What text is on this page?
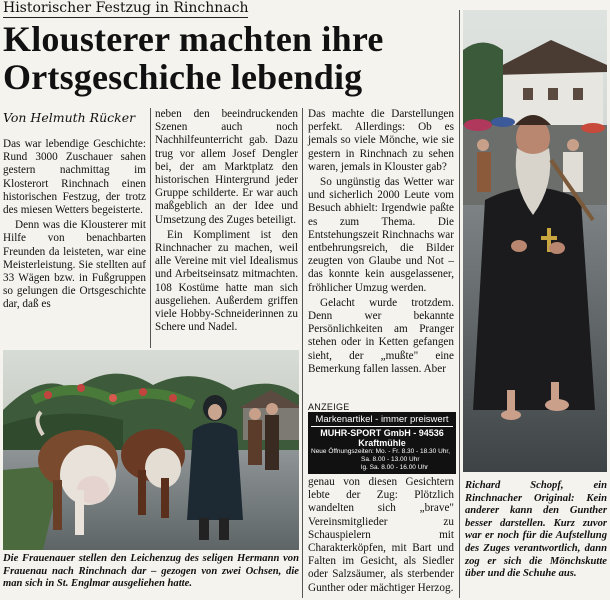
Historischer Festzug in Rinchnach
Klousterer machten ihre
Ortsgeschiche lebendig
Von Helmuth Rücker

Das war lebendige Geschichte: Rund 3000 Zuschauer sahen gestern nachmittag im Klosterort Rinchnach einen historischen Festzug, der trotz des miesen Wetters begeisterte.

Denn was die Klousterer mit Hilfe von benachbarten Freunden da leisteten, war eine Meisterleistung. Sie stellten auf 33 Wägen bzw. in Fußgruppen so gelungen die Ortsgeschichte dar, daß es

neben den beeindruckenden Szenen auch noch Nachhilfeunterricht gab. Dazu trug vor allem Josef Dengler bei, der am Marktplatz den historischen Hintergrund jeder Gruppe schilderte. Er war auch maßgeblich an der Idee und Umsetzung des Zuges beteiligt.

Ein Kompliment ist den Rinchnacher zu machen, weil alle Vereine mit viel Idealismus und Arbeitseinsatz mitmachten. 108 Kostüme hatte man sich ausgeliehen. Außerdem griffen viele Hobby-Schneiderinnen zu Schere und Nadel.

Das machte die Darstellungen perfekt. Allerdings: Ob es jemals so viele Mönche, wie sie gestern in Rinchnach zu sehen waren, jemals in Klouster gab?

So ungünstig das Wetter war und sicherlich 2000 Leute vom Besuch abhielt: Irgendwie paßte es zum Thema. Die Entstehungszeit Rinchnachs war entbehrungsreich, die Bilder zeugten von Glaube und Not – das konnte kein ausgelassener, fröhlicher Umzug werden.

Gelacht wurde trotzdem. Denn wer bekannte Persönlichkeiten am Pranger stehen oder in Ketten gefangen sieht, der „mußte" eine Bemerkung fallen lassen. Aber

ANZEIGE
Markenartikel - immer preiswert
MUHR-SPORT GmbH - 94536 Kraftmühle
Neue Öffnungszeiten: Mo. - Fr. 8.30 - 18.30 Uhr,
Sa. 8.00 - 13.00 Uhr
lg. Sa. 8.00 - 16.00 Uhr

genau von diesen Gesichtern lebte der Zug: Plötzlich wandelten sich „brave" Vereinsmitglieder zu Schauspielern mit Charakterköpfen, mit Bart und Falten im Gesicht, als Siedler oder Salzsäumer, als sterbender Gunther oder mächtiger Herzog.

Die Frauenauer stellen den Leichenzug des seligen Hermann von Frauenau nach Rinchnach dar – gezogen von zwei Ochsen, die man sich in St. Englmar ausgeliehen hatte.
Richard Schopf, ein Rinchnacher Original: Kein anderer kann den Gunther besser darstellen. Kurz zuvor war er noch für die Aufstellung des Zuges verantwortlich, dann zog er sich die Mönchskutte über und die Schuhe aus.
